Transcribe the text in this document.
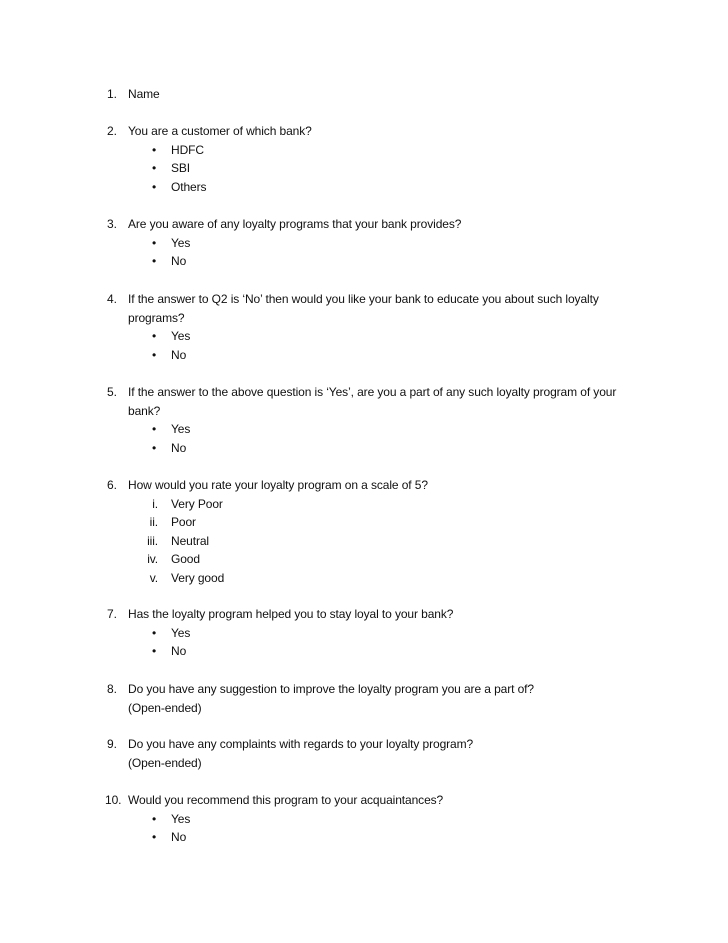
1. Name
2. You are a customer of which bank?
• HDFC
• SBI
• Others
3. Are you aware of any loyalty programs that your bank provides?
• Yes
• No
4. If the answer to Q2 is ‘No’ then would you like your bank to educate you about such loyalty
programs?
• Yes
• No
5. If the answer to the above question is ‘Yes’, are you a part of any such loyalty program of your
bank?
• Yes
• No
6. How would you rate your loyalty program on a scale of 5?
i. Very Poor
ii. Poor
iii. Neutral
iv. Good
v. Very good
7. Has the loyalty program helped you to stay loyal to your bank?
• Yes
• No
8. Do you have any suggestion to improve the loyalty program you are a part of?
(Open-ended)
9. Do you have any complaints with regards to your loyalty program?
(Open-ended)
10. Would you recommend this program to your acquaintances?
• Yes
• No
